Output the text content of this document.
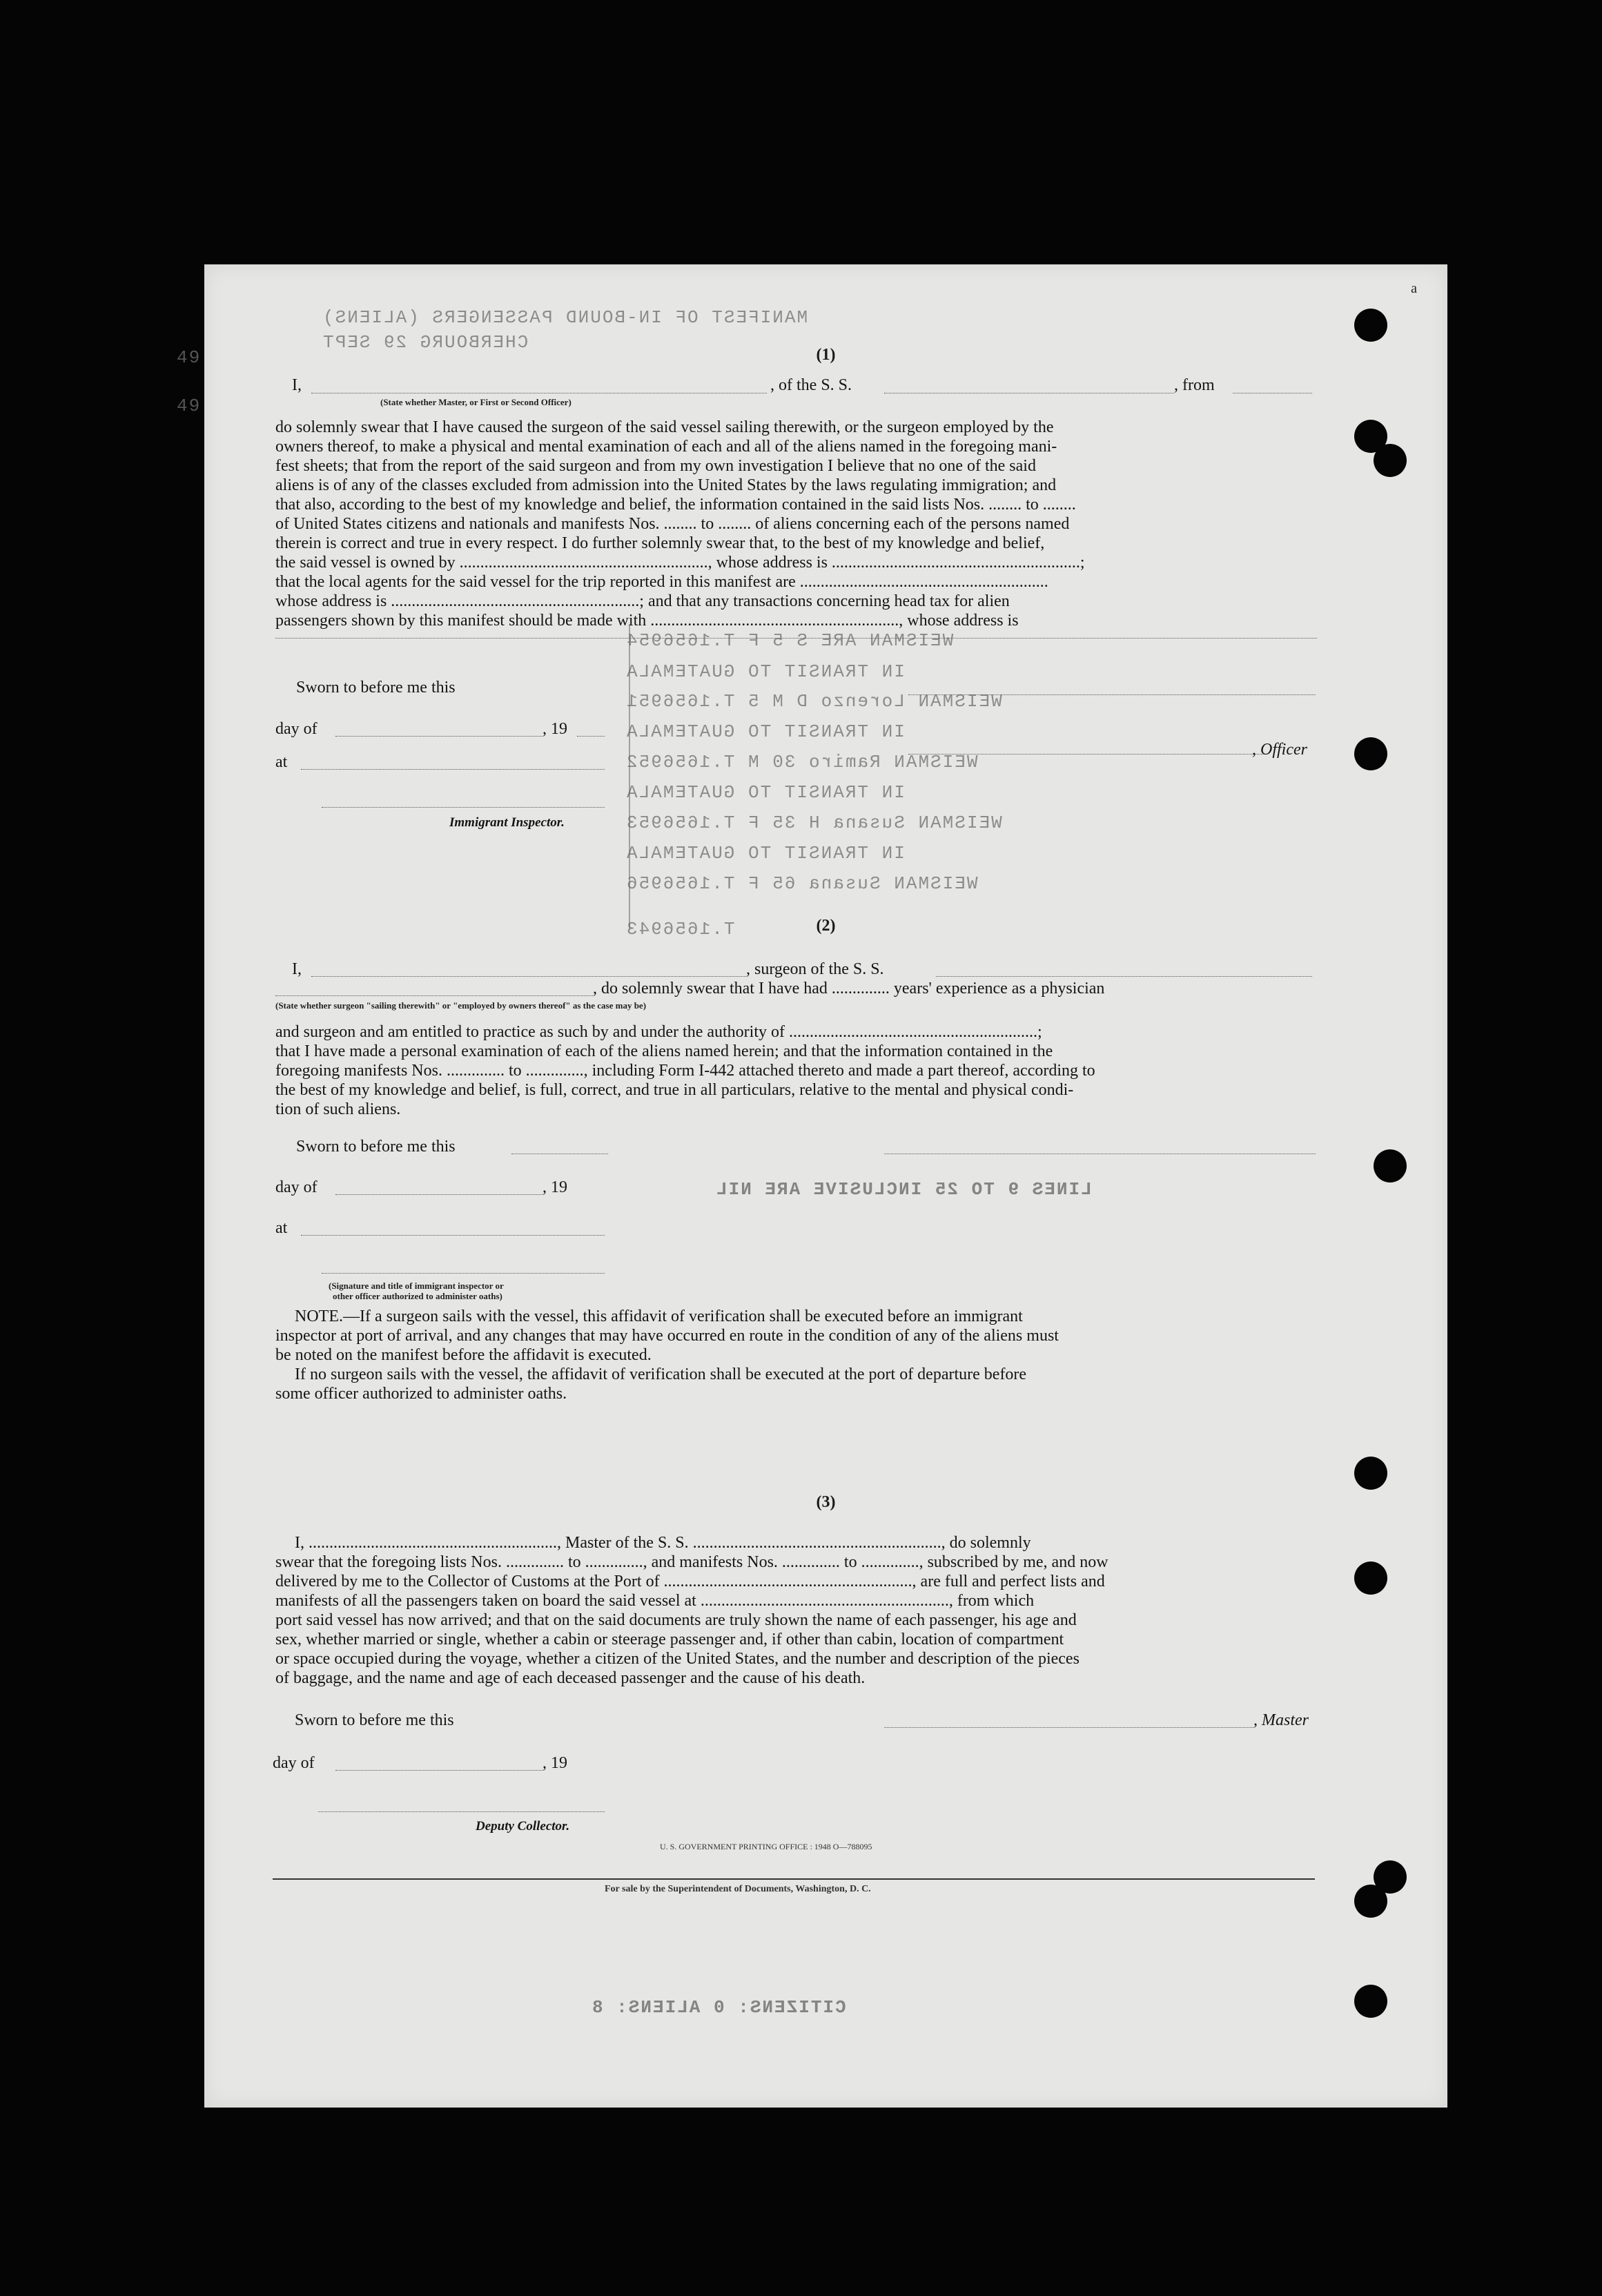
a
MANIFEST OF IN-BOUND PASSENGERS (ALIENS)
CHERBOURG 29 SEPT
49
49
WEISMAN ARE S 5 F T.1656954
IN TRANSIT TO GUATEMALA
WEISMAN Lorenzo D M 5 T.1656951
IN TRANSIT TO GUATEMALA
WEISMAN Ramiro 30 M T.1656952
IN TRANSIT TO GUATEMALA
WEISMAN Susana H 35 F T.1656953
IN TRANSIT TO GUATEMALA
WEISMAN Susana 65 F T.1656956
T.1656943
LINES 9 TO 25 INCLUSIVE ARE NIL
CITIZENS: 0 ALIENS: 8
(1)
I,	, of the S. S.	, from
(State whether Master, or First or Second Officer)
do solemnly swear that I have caused the surgeon of the said vessel sailing therewith, or the surgeon employed by the
owners thereof, to make a physical and mental examination of each and all of the aliens named in the foregoing mani-
fest sheets; that from the report of the said surgeon and from my own investigation I believe that no one of the said
aliens is of any of the classes excluded from admission into the United States by the laws regulating immigration; and
that also, according to the best of my knowledge and belief, the information contained in the said lists Nos. ........ to ........
of United States citizens and nationals and manifests Nos. ........ to ........ of aliens concerning each of the persons named
therein is correct and true in every respect. I do further solemnly swear that, to the best of my knowledge and belief,
the said vessel is owned by ............................................................, whose address is ............................................................;
that the local agents for the said vessel for the trip reported in this manifest are ............................................................
whose address is ............................................................; and that any transactions concerning head tax for alien
passengers shown by this manifest should be made with ............................................................, whose address is
Sworn to before me this
day of	, 19
at
, Officer
Immigrant Inspector.
(2)
I,	, surgeon of the S. S.
, do solemnly swear that I have had .............. years' experience as a physician
(State whether surgeon "sailing therewith" or "employed by owners thereof" as the case may be)
and surgeon and am entitled to practice as such by and under the authority of ............................................................;
that I have made a personal examination of each of the aliens named herein; and that the information contained in the
foregoing manifests Nos. .............. to .............., including Form I-442 attached thereto and made a part thereof, according to
the best of my knowledge and belief, is full, correct, and true in all particulars, relative to the mental and physical condi-
tion of such aliens.
Sworn to before me this
day of	, 19
at
(Signature and title of immigrant inspector or
other officer authorized to administer oaths)
NOTE.—If a surgeon sails with the vessel, this affidavit of verification shall be executed before an immigrant
inspector at port of arrival, and any changes that may have occurred en route in the condition of any of the aliens must
be noted on the manifest before the affidavit is executed.
If no surgeon sails with the vessel, the affidavit of verification shall be executed at the port of departure before
some officer authorized to administer oaths.
(3)
I, ............................................................, Master of the S. S. ............................................................, do solemnly
swear that the foregoing lists Nos. .............. to .............., and manifests Nos. .............. to .............., subscribed by me, and now
delivered by me to the Collector of Customs at the Port of ............................................................, are full and perfect lists and
manifests of all the passengers taken on board the said vessel at ............................................................, from which
port said vessel has now arrived; and that on the said documents are truly shown the name of each passenger, his age and
sex, whether married or single, whether a cabin or steerage passenger and, if other than cabin, location of compartment
or space occupied during the voyage, whether a citizen of the United States, and the number and description of the pieces
of baggage, and the name and age of each deceased passenger and the cause of his death.
Sworn to before me this	, Master
day of	, 19
Deputy Collector.
U. S. GOVERNMENT PRINTING OFFICE : 1948 O—788095
For sale by the Superintendent of Documents, Washington, D. C.
